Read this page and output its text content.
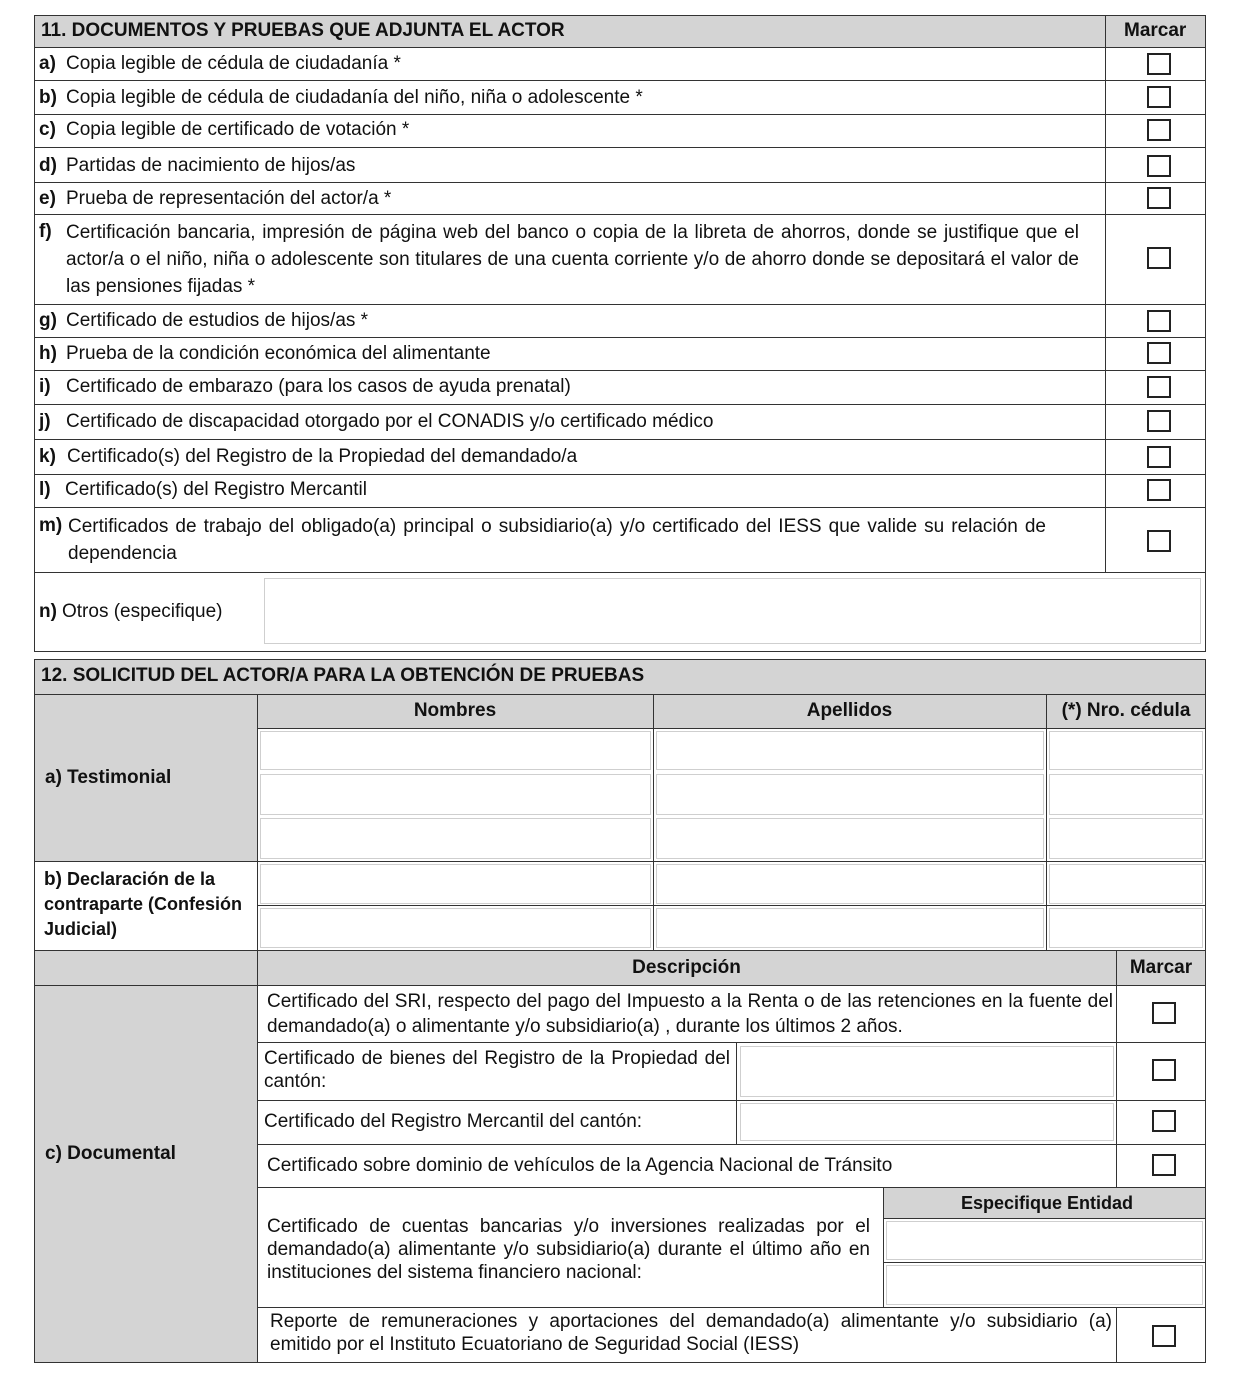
11. DOCUMENTOS Y PRUEBAS QUE ADJUNTA EL ACTOR	Marcar
a) Copia legible de cédula de ciudadanía *
b) Copia legible de cédula de ciudadanía del niño, niña o adolescente *
c) Copia legible de certificado de votación *
d) Partidas de nacimiento de hijos/as
e) Prueba de representación del actor/a *
f) Certificación bancaria, impresión de página web del banco o copia de la libreta de ahorros, donde se justifique que el actor/a o el niño, niña o adolescente son titulares de una cuenta corriente y/o de ahorro donde se depositará el valor de las pensiones fijadas *
g) Certificado de estudios de hijos/as *
h) Prueba de la condición económica del alimentante
i) Certificado de embarazo (para los casos de ayuda prenatal)
j) Certificado de discapacidad otorgado por el CONADIS y/o certificado médico
k) Certificado(s) del Registro de la Propiedad del demandado/a
l) Certificado(s) del Registro Mercantil
m) Certificados de trabajo del obligado(a) principal o subsidiario(a) y/o certificado del IESS que valide su relación de dependencia
n) Otros (especifique)
12. SOLICITUD DEL ACTOR/A PARA LA OBTENCIÓN DE PRUEBAS
Nombres	Apellidos	(*) Nro. cédula
a) Testimonial
b) Declaración de la contraparte (Confesión Judicial)
Descripción	Marcar
c) Documental
Certificado del SRI, respecto del pago del Impuesto a la Renta o de las retenciones en la fuente del demandado(a) o alimentante y/o subsidiario(a) , durante los últimos 2 años.
Certificado de bienes del Registro de la Propiedad del cantón:
Certificado del Registro Mercantil del cantón:
Certificado sobre dominio de vehículos de la Agencia Nacional de Tránsito
Especifique Entidad
Certificado de cuentas bancarias y/o inversiones realizadas por el demandado(a) alimentante y/o subsidiario(a) durante el último año en instituciones del sistema financiero nacional:
Reporte de remuneraciones y aportaciones del demandado(a) alimentante y/o subsidiario (a) emitido por el Instituto Ecuatoriano de Seguridad Social (IESS)
